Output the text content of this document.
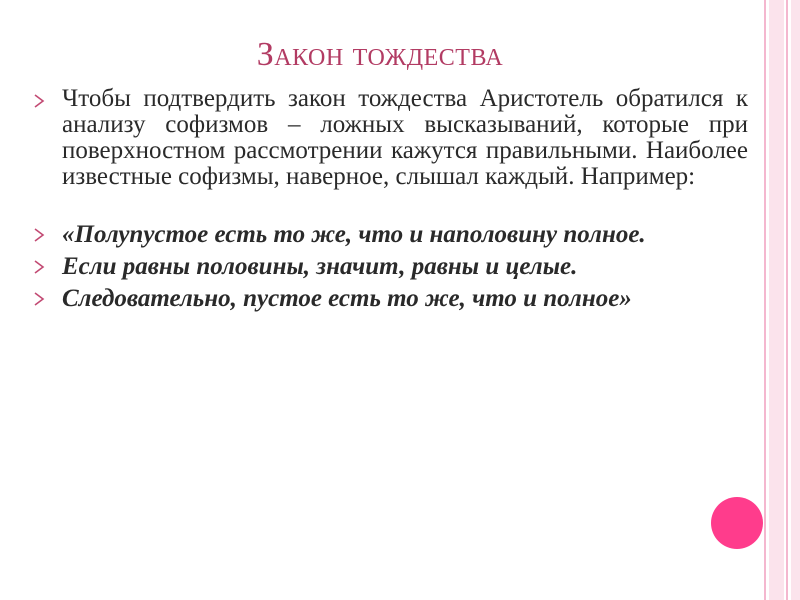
Закон тождества
Чтобы подтвердить закон тождества Аристотель обратился к анализу софизмов – ложных высказываний, которые при поверхностном рассмотрении кажутся правильными. Наиболее известные софизмы, наверное, слышал каждый. Например:
«Полупустое есть то же, что и наполовину полное.
Если равны половины, значит, равны и целые.
Следовательно, пустое есть то же, что и полное»
